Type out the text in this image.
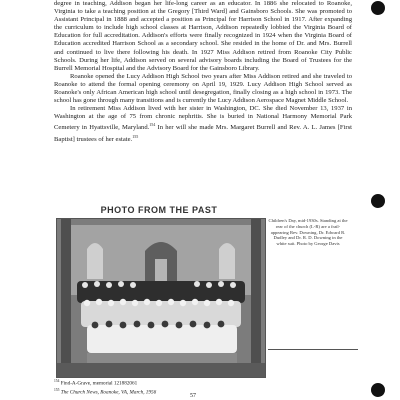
degree in teaching, Addison began her life-long career as an educator. In 1886 she relocated to Roanoke, Virginia to take a teaching position at the Gregory [Third Ward] and Gainsboro Schools. She was promoted to Assistant Principal in 1888 and accepted a position as Principal for Harrison School in 1917. After expanding the curriculum to include high school classes at Harrison, Addison repeatedly lobbied the Virginia Board of Education for full accreditation. Addison's efforts were finally recognized in 1924 when the Virginia Board of Education accredited Harrison School as a secondary school. She resided in the home of Dr. and Mrs. Burrell and continued to live there following his death. In 1927 Miss Addison retired from Roanoke City Public Schools. During her life, Addison served on several advisory boards including the Board of Trustees for the Burrell Memorial Hospital and the Advisory Board for the Gainsboro Library.

Roanoke opened the Lucy Addison High School two years after Miss Addison retired and she traveled to Roanoke to attend the formal opening ceremony on April 19, 1929. Lucy Addison High School served as Roanoke's only African American high school until desegregation, finally closing as a high school in 1973. The school has gone through many transitions and is currently the Lucy Addison Aerospace Magnet Middle School.

In retirement Miss Addison lived with her sister in Washington, DC. She died November 13, 1937 in Washington at the age of 75 from chronic nephritis. She is buried in National Harmony Memorial Park Cemetery in Hyattsville, Maryland.$^{154}$ In her will she made Mrs. Margaret Burrell and Rev. A. L. James [First Baptist] trustees of her estate.$^{155}$

PHOTO FROM THE PAST
Children's Day, mid-1930s. Standing at the rear of the church (L-R) are a frail-appearing Rev. Downing, Dr. Edward R. Dudley and Dr. R. D. Downing in the white suit. Photo by George Davis
$^{154}$ Find-A-Grave, memorial 121882061
$^{155}$ The Church News, Roanoke, VA, March, 1956
57
